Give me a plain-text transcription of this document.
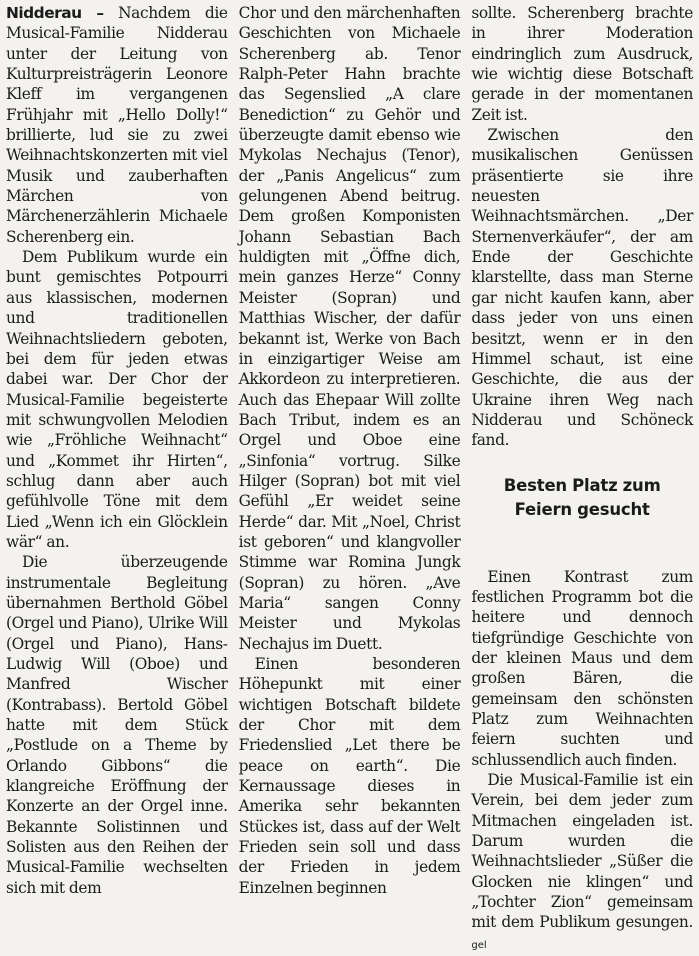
Nidderau – Nachdem die Musical-Familie Nidderau unter der Leitung von Kulturpreisträgerin Leonore Kleff im vergangenen Frühjahr mit „Hello Dolly!“ brillierte, lud sie zu zwei Weihnachtskonzerten mit viel Musik und zauberhaften Märchen von Märchenerzählerin Michaele Scherenberg ein.

Dem Publikum wurde ein bunt gemischtes Potpourri aus klassischen, modernen und traditionellen Weihnachtsliedern geboten, bei dem für jeden etwas dabei war. Der Chor der Musical-Familie begeisterte mit schwungvollen Melodien wie „Fröhliche Weihnacht“ und „Kommet ihr Hirten“, schlug dann aber auch gefühlvolle Töne mit dem Lied „Wenn ich ein Glöcklein wär“ an.

Die überzeugende instrumentale Begleitung übernahmen Berthold Göbel (Orgel und Piano), Ulrike Will (Orgel und Piano), Hans-Ludwig Will (Oboe) und Manfred Wischer (Kontrabass). Bertold Göbel hatte mit dem Stück „Postlude on a Theme by Orlando Gibbons“ die klangreiche Eröffnung der Konzerte an der Orgel inne. Bekannte Solistinnen und Solisten aus den Reihen der Musical-Familie wechselten sich mit dem

Chor und den märchenhaften Geschichten von Michaele Scherenberg ab. Tenor Ralph-Peter Hahn brachte das Segenslied „A clare Benediction“ zu Gehör und überzeugte damit ebenso wie Mykolas Nechajus (Tenor), der „Panis Angelicus“ zum gelungenen Abend beitrug. Dem großen Komponisten Johann Sebastian Bach huldigten mit „Öffne dich, mein ganzes Herze“ Conny Meister (Sopran) und Matthias Wischer, der dafür bekannt ist, Werke von Bach in einzigartiger Weise am Akkordeon zu interpretieren. Auch das Ehepaar Will zollte Bach Tribut, indem es an Orgel und Oboe eine „Sinfonia“ vortrug. Silke Hilger (Sopran) bot mit viel Gefühl „Er weidet seine Herde“ dar. Mit „Noel, Christ ist geboren“ und klangvoller Stimme war Romina Jungk (Sopran) zu hören. „Ave Maria“ sangen Conny Meister und Mykolas Nechajus im Duett.

Einen besonderen Höhepunkt mit einer wichtigen Botschaft bildete der Chor mit dem Friedenslied „Let there be peace on earth“. Die Kernaussage dieses in Amerika sehr bekannten Stückes ist, dass auf der Welt Frieden sein soll und dass der Frieden in jedem Einzelnen beginnen

sollte. Scherenberg brachte in ihrer Moderation eindringlich zum Ausdruck, wie wichtig diese Botschaft gerade in der momentanen Zeit ist.

Zwischen den musikalischen Genüssen präsentierte sie ihre neuesten Weihnachtsmärchen. „Der Sternenverkäufer“, der am Ende der Geschichte klarstellte, dass man Sterne gar nicht kaufen kann, aber dass jeder von uns einen besitzt, wenn er in den Himmel schaut, ist eine Geschichte, die aus der Ukraine ihren Weg nach Nidderau und Schöneck fand.

Besten Platz zum
Feiern gesucht

Einen Kontrast zum festlichen Programm bot die heitere und dennoch tiefgründige Geschichte von der kleinen Maus und dem großen Bären, die gemeinsam den schönsten Platz zum Weihnachten feiern suchten und schlussendlich auch finden.

Die Musical-Familie ist ein Verein, bei dem jeder zum Mitmachen eingeladen ist. Darum wurden die Weihnachtslieder „Süßer die Glocken nie klingen“ und „Tochter Zion“ gemeinsam mit dem Publikum gesungen. gel
